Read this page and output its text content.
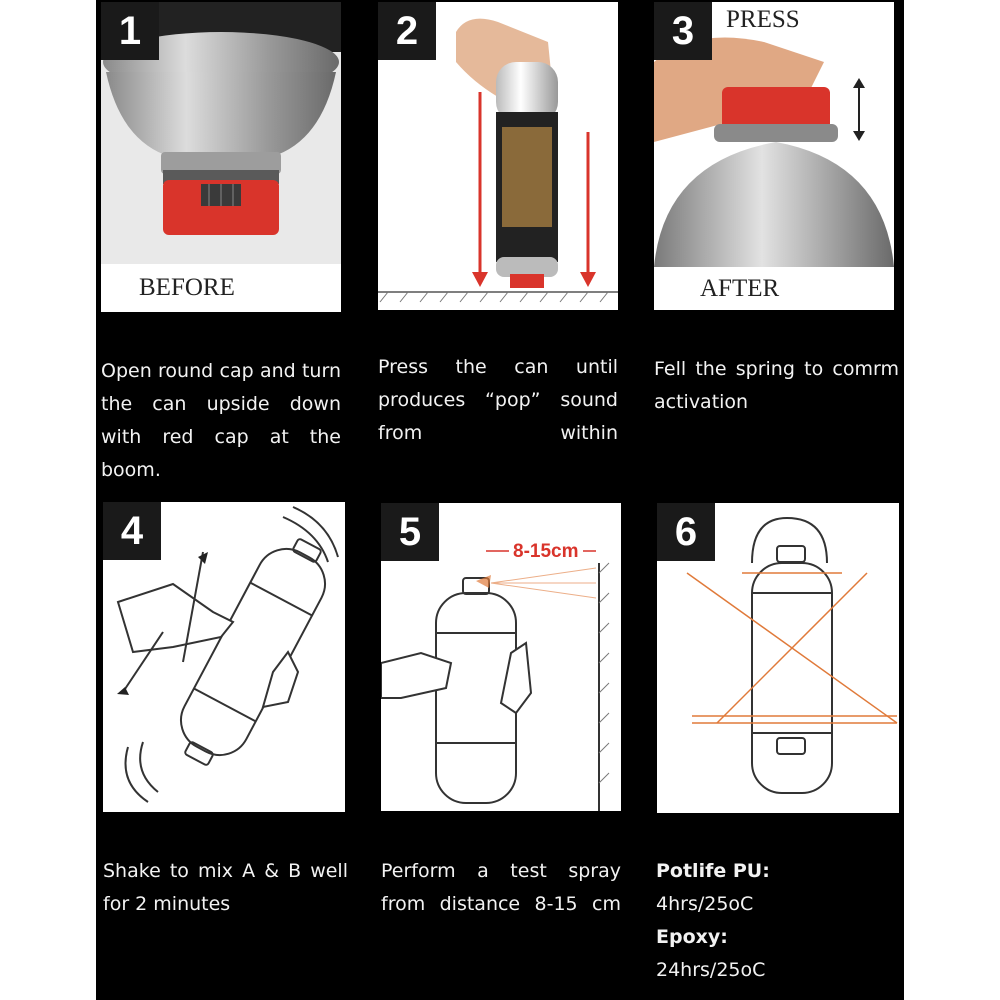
1
BEFORE
2	3	PRESS
AFTER
Open round cap and turn the can upside down with red cap at the boom.
Press the can until produces “pop” sound from within
Fell the spring to comrm activation
4	5	8-15cm	6
Shake to mix A & B well for 2 minutes
Perform a test spray from distance 8-15 cm
Potlife PU:
4hrs/25oC
Epoxy:
24hrs/25oC
